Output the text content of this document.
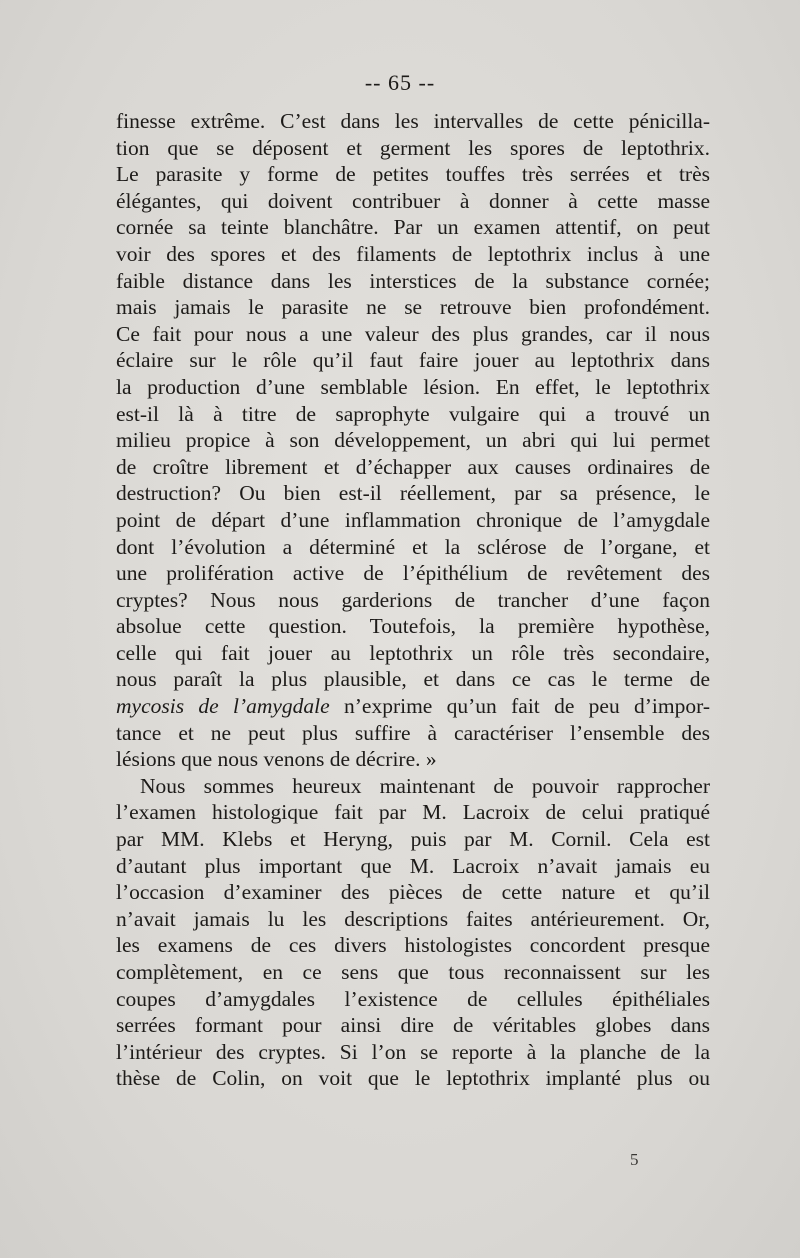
-- 65 --
finesse extrême. C’est dans les intervalles de cette pénicilla-
tion que se déposent et germent les spores de leptothrix.
Le parasite y forme de petites touffes très serrées et très
élégantes, qui doivent contribuer à donner à cette masse
cornée sa teinte blanchâtre. Par un examen attentif, on peut
voir des spores et des filaments de leptothrix inclus à une
faible distance dans les interstices de la substance cornée;
mais jamais le parasite ne se retrouve bien profondément.
Ce fait pour nous a une valeur des plus grandes, car il nous
éclaire sur le rôle qu’il faut faire jouer au leptothrix dans
la production d’une semblable lésion. En effet, le leptothrix
est-il là à titre de saprophyte vulgaire qui a trouvé un
milieu propice à son développement, un abri qui lui permet
de croître librement et d’échapper aux causes ordinaires de
destruction? Ou bien est-il réellement, par sa présence, le
point de départ d’une inflammation chronique de l’amygdale
dont l’évolution a déterminé et la sclérose de l’organe, et
une prolifération active de l’épithélium de revêtement des
cryptes? Nous nous garderions de trancher d’une façon
absolue cette question. Toutefois, la première hypothèse,
celle qui fait jouer au leptothrix un rôle très secondaire,
nous paraît la plus plausible, et dans ce cas le terme de
mycosis de l’amygdale n’exprime qu’un fait de peu d’impor-
tance et ne peut plus suffire à caractériser l’ensemble des
lésions que nous venons de décrire. »
Nous sommes heureux maintenant de pouvoir rapprocher
l’examen histologique fait par M. Lacroix de celui pratiqué
par MM. Klebs et Heryng, puis par M. Cornil. Cela est
d’autant plus important que M. Lacroix n’avait jamais eu
l’occasion d’examiner des pièces de cette nature et qu’il
n’avait jamais lu les descriptions faites antérieurement. Or,
les examens de ces divers histologistes concordent presque
complètement, en ce sens que tous reconnaissent sur les
coupes d’amygdales l’existence de cellules épithéliales
serrées formant pour ainsi dire de véritables globes dans
l’intérieur des cryptes. Si l’on se reporte à la planche de la
thèse de Colin, on voit que le leptothrix implanté plus ou
5
